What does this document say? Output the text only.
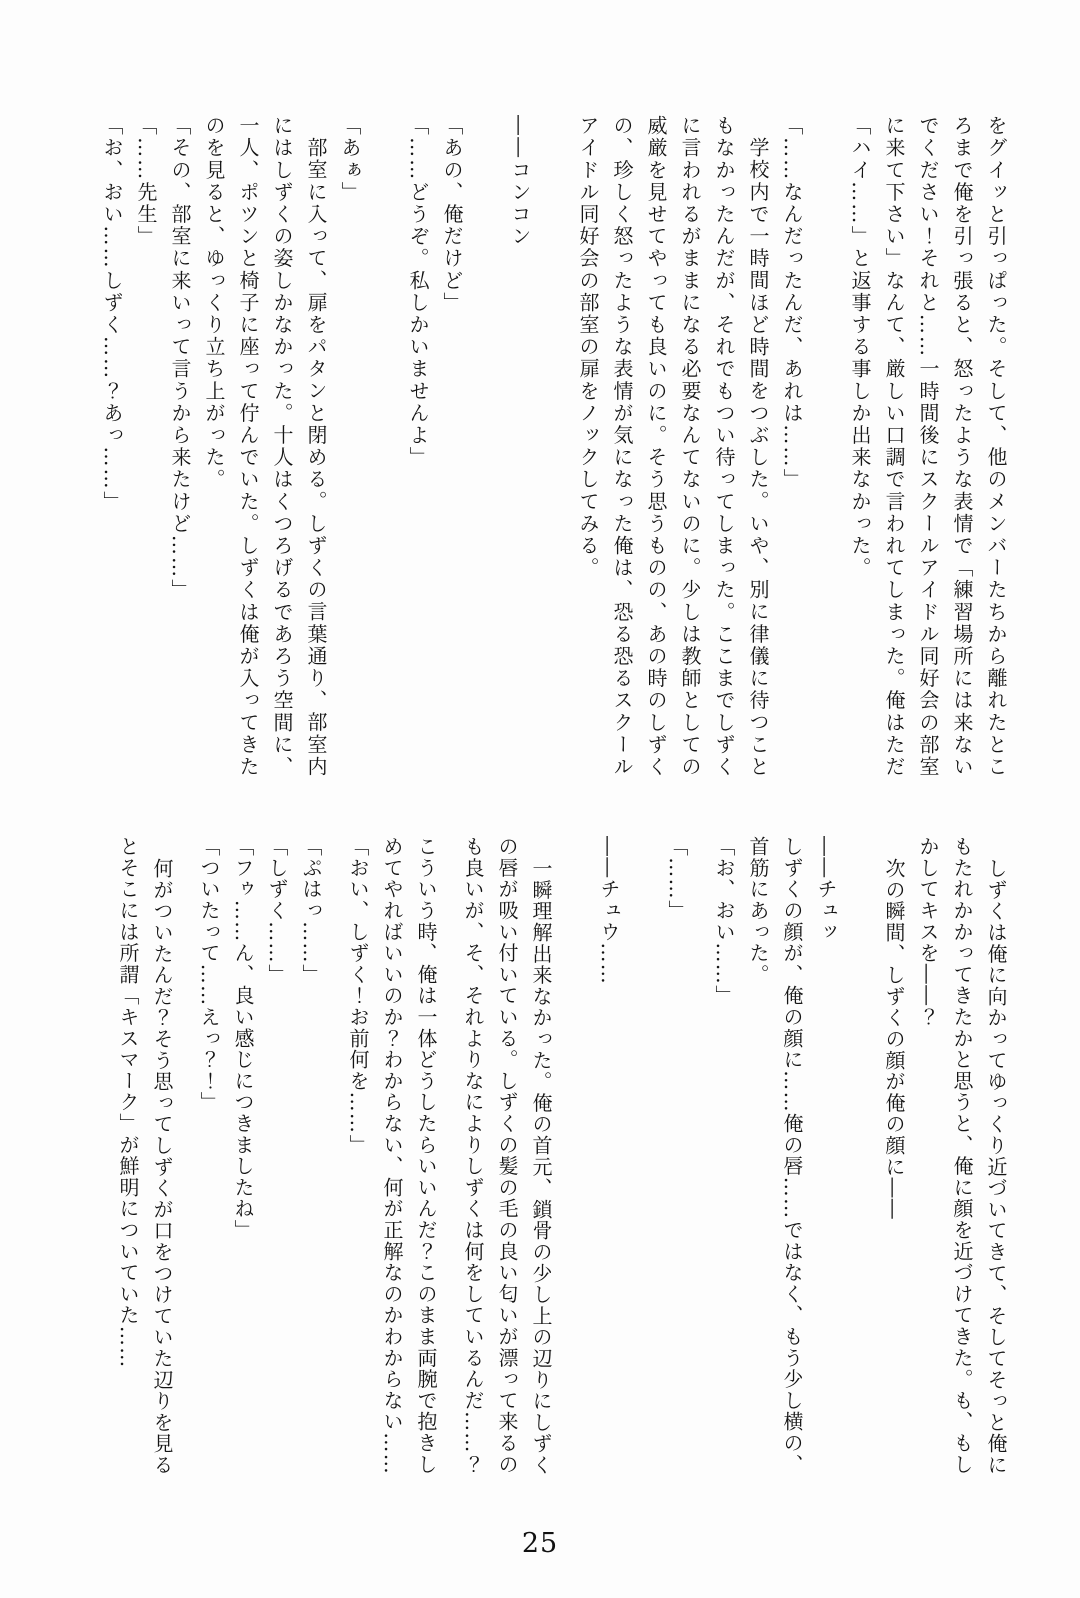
をグイッと引っぱった。そして、他のメンバーたちから離れたところまで俺を引っ張ると、怒ったような表情で「練習場所には来ないでください！それと……一時間後にスクールアイドル同好会の部室に来て下さい」なんて、厳しい口調で言われてしまった。俺はただ「ハイ……」と返事する事しか出来なかった。

「……なんだったんだ、あれは……」

学校内で一時間ほど時間をつぶした。いや、別に律儀に待つこともなかったんだが、それでもつい待ってしまった。ここまでしずくに言われるがままになる必要なんてないのに。少しは教師としての威厳を見せてやっても良いのに。そう思うものの、あの時のしずくの、珍しく怒ったような表情が気になった俺は、恐る恐るスクールアイドル同好会の部室の扉をノックしてみる。

――コンコン

「あの、俺だけど」

「……どうぞ。私しかいませんよ」

「あぁ」

部室に入って、扉をパタンと閉める。しずくの言葉通り、部室内にはしずくの姿しかなかった。十人はくつろげるであろう空間に、一人、ポツンと椅子に座って佇んでいた。しずくは俺が入ってきたのを見ると、ゆっくり立ち上がった。

「その、部室に来いって言うから来たけど……」

「……先生」

「お、おい……しずく……？あっ……」

しずくは俺に向かってゆっくり近づいてきて、そしてそっと俺にもたれかかってきたかと思うと、俺に顔を近づけてきた。も、もしかしてキスを――？

次の瞬間、しずくの顔が俺の顔に――

――チュッ

しずくの顔が、俺の顔に……俺の唇……ではなく、もう少し横の、首筋にあった。

「お、おい……」

「……」

――チュウ……

一瞬理解出来なかった。俺の首元、鎖骨の少し上の辺りにしずくの唇が吸い付いている。しずくの髪の毛の良い匂いが漂って来るのも良いが、そ、それよりなによりしずくは何をしているんだ……？

こういう時、俺は一体どうしたらいいんだ？このまま両腕で抱きしめてやればいいのか？わからない、何が正解なのかわからない……

「おい、しずく！お前何を……」

「ぷはっ……」

「しずく……」

「フゥ……ん、良い感じにつきましたね」

「ついたって……えっ？！」

何がついたんだ？そう思ってしずくが口をつけていた辺りを見るとそこには所謂「キスマーク」が鮮明についていた……

25
